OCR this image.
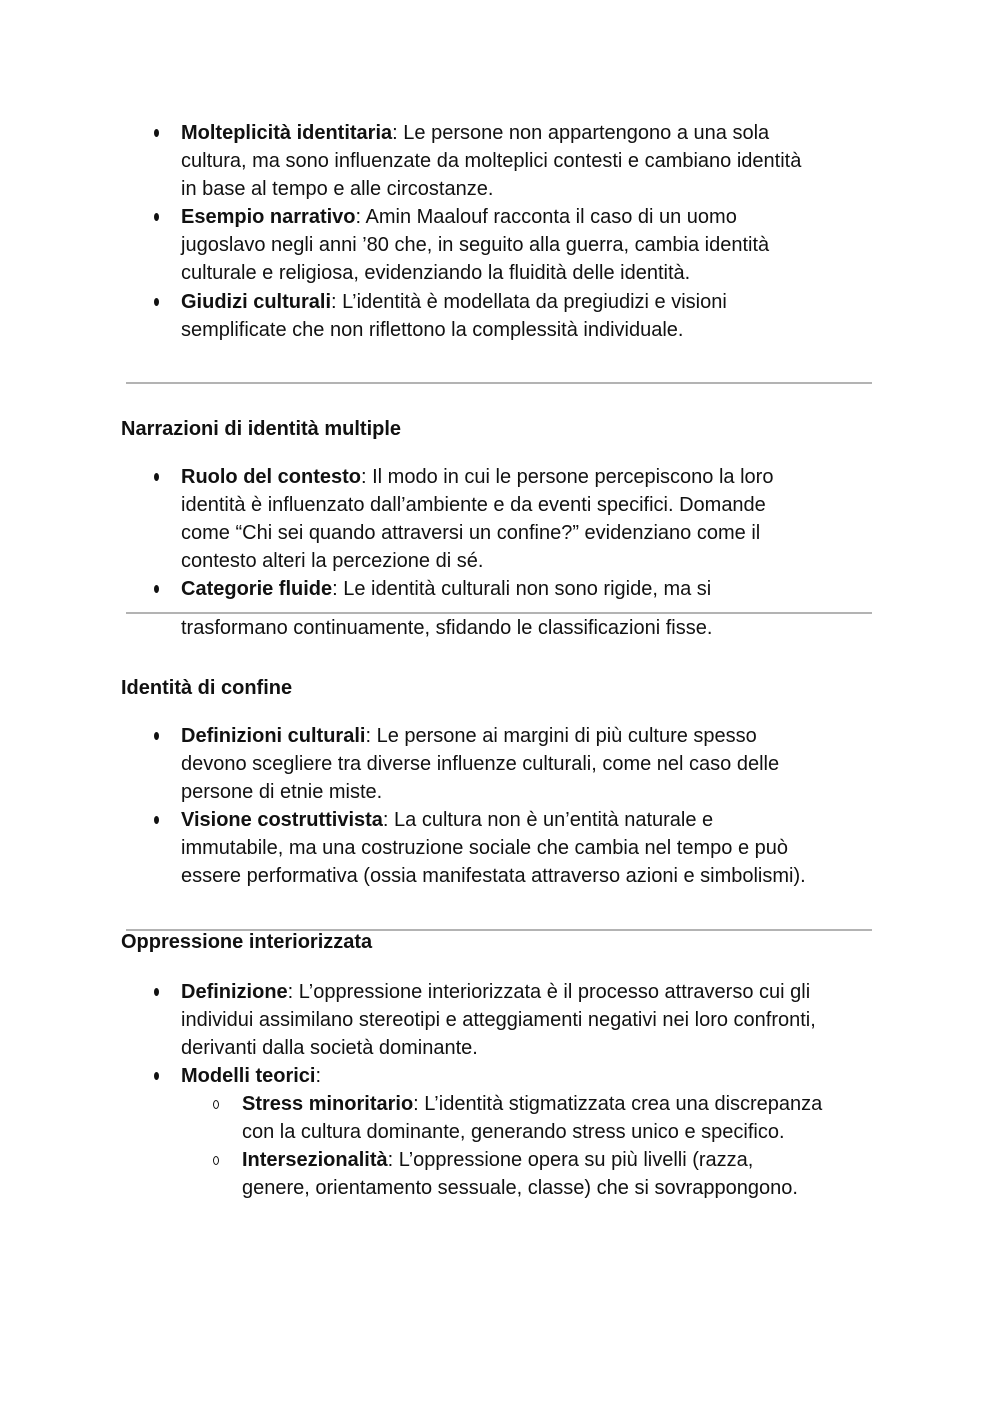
Molteplicità identitaria: Le persone non appartengono a una sola
cultura, ma sono influenzate da molteplici contesti e cambiano identità
in base al tempo e alle circostanze.
Esempio narrativo: Amin Maalouf racconta il caso di un uomo
jugoslavo negli anni ’80 che, in seguito alla guerra, cambia identità
culturale e religiosa, evidenziando la fluidità delle identità.
Giudizi culturali: L’identità è modellata da pregiudizi e visioni
semplificate che non riflettono la complessità individuale.
Narrazioni di identità multiple
Ruolo del contesto: Il modo in cui le persone percepiscono la loro
identità è influenzato dall’ambiente e da eventi specifici. Domande
come “Chi sei quando attraversi un confine?” evidenziano come il
contesto alteri la percezione di sé.
Categorie fluide: Le identità culturali non sono rigide, ma si
trasformano continuamente, sfidando le classificazioni fisse.
Identità di confine
Definizioni culturali: Le persone ai margini di più culture spesso
devono scegliere tra diverse influenze culturali, come nel caso delle
persone di etnie miste.
Visione costruttivista: La cultura non è un’entità naturale e
immutabile, ma una costruzione sociale che cambia nel tempo e può
essere performativa (ossia manifestata attraverso azioni e simbolismi).
Oppressione interiorizzata
Definizione: L’oppressione interiorizzata è il processo attraverso cui gli
individui assimilano stereotipi e atteggiamenti negativi nei loro confronti,
derivanti dalla società dominante.
Modelli teorici:
Stress minoritario: L’identità stigmatizzata crea una discrepanza
con la cultura dominante, generando stress unico e specifico.
Intersezionalità: L’oppressione opera su più livelli (razza,
genere, orientamento sessuale, classe) che si sovrappongono.
